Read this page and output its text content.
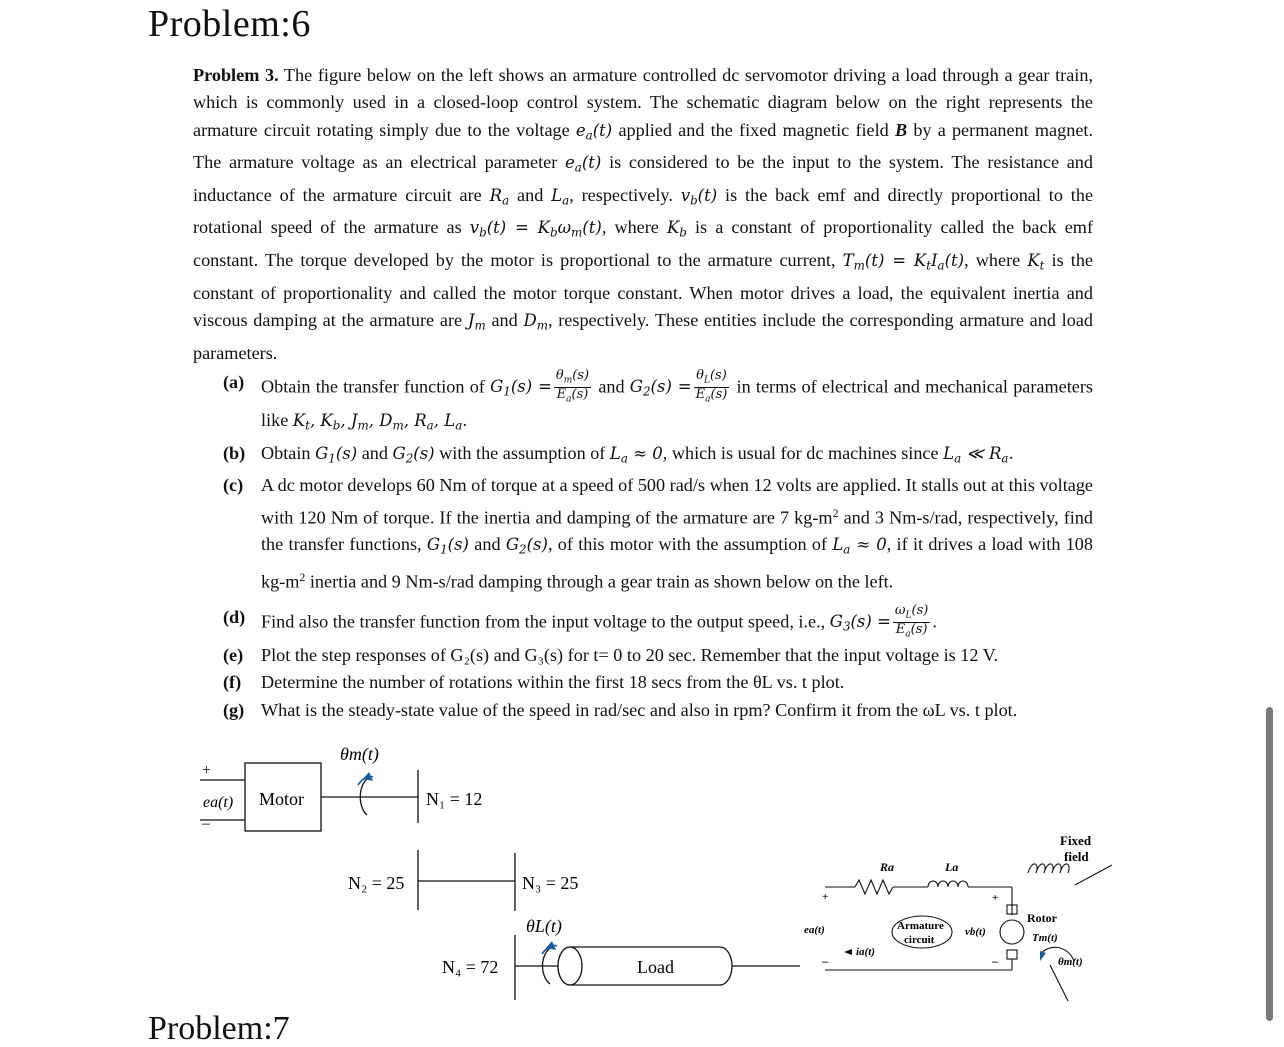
Problem:6

Problem 3. The figure below on the left shows an armature controlled dc servomotor driving a load through a gear train, which is commonly used in a closed-loop control system. The schematic diagram below on the right represents the armature circuit rotating simply due to the voltage $e_a(t)$ applied and the fixed magnetic field B by a permanent magnet. The armature voltage as an electrical parameter $e_a(t)$ is considered to be the input to the system. The resistance and inductance of the armature circuit are $R_a$ and $L_a$, respectively. $v_b(t)$ is the back emf and directly proportional to the rotational speed of the armature as $v_b(t) = K_b\omega_m(t)$, where $K_b$ is a constant of proportionality called the back emf constant. The torque developed by the motor is proportional to the armature current, $T_m(t) = K_tI_a(t)$, where $K_t$ is the constant of proportionality and called the motor torque constant. When motor drives a load, the equivalent inertia and viscous damping at the armature are $J_m$ and $D_m$, respectively. These entities include the corresponding armature and load parameters.

(a) Obtain the transfer function of $G_1(s) = \frac{\theta_m(s)}{E_a(s)}$ and $G_2(s) = \frac{\theta_L(s)}{E_a(s)}$ in terms of electrical and mechanical parameters like $K_t$, $K_b$, $J_m$, $D_m$, $R_a$, $L_a$.
(b) Obtain $G_1(s)$ and $G_2(s)$ with the assumption of $L_a \approx 0$, which is usual for dc machines since $L_a$ ≪ $R_a$.
(c) A dc motor develops 60 Nm of torque at a speed of 500 rad/s when 12 volts are applied. It stalls out at this voltage with 120 Nm of torque. If the inertia and damping of the armature are 7 $kg-m^2$ and 3 Nm-s/rad, respectively, find the transfer functions, $G_1(s)$ and $G_2(s)$, of this motor with the assumption of $L_a \approx 0$, if it drives a load with 108 $kg-m^2$ inertia and 9 Nm-s/rad damping through a gear train as shown below on the left.
(d) Find also the transfer function from the input voltage to the output speed, i.e., $G_3(s) = \frac{\omega_L(s)}{E_a(s)}$ .
(e) Plot the step responses of G₂(s) and G₃(s) for t= 0 to 20 sec. Remember that the input voltage is 12 V.
(f)	Determine the number of rotations within the first 18 secs from the θL vs. t plot.
(g) What is the steady-state value of the speed in rad/sec and also in rpm? Confirm it from the ωL vs. t plot.
θm(t)
+
ea(t)
–
Motor	N₁ = 12
N₂ = 25	N₃ = 25
θL(t)
N₄ = 72	Load
Ra	La
+
ea(t)
–
ia(t)
Armature
circuit
vb(t)
+
–
Fixed
field
Rotor
Tm(t)
θm(t)
Problem:7
